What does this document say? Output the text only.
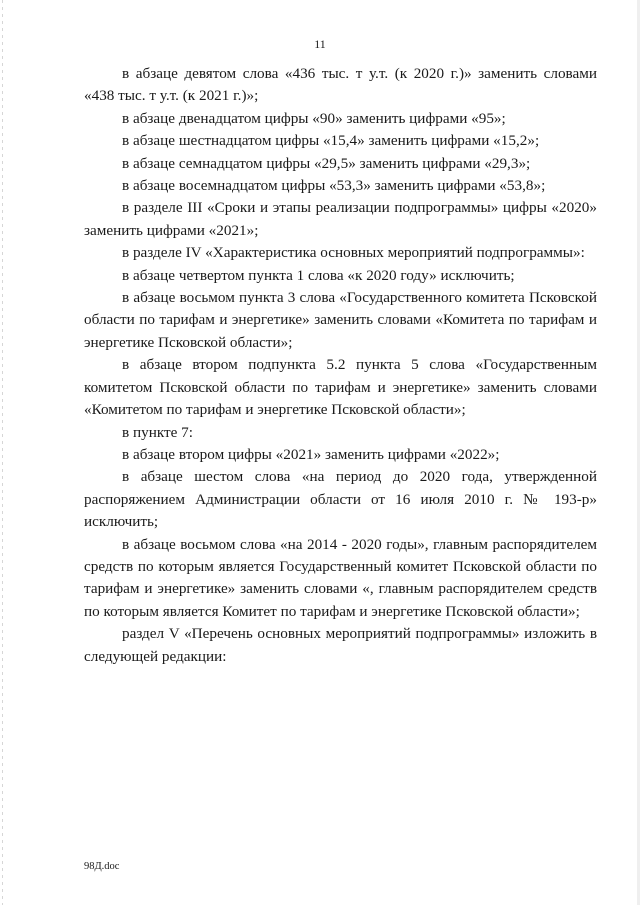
11

в абзаце девятом слова «436 тыс. т у.т. (к 2020 г.)» заменить словами «438 тыс. т у.т. (к 2021 г.)»;

в абзаце двенадцатом цифры «90» заменить цифрами «95»;

в абзаце шестнадцатом цифры «15,4» заменить цифрами «15,2»;

в абзаце семнадцатом цифры «29,5» заменить цифрами «29,3»;

в абзаце восемнадцатом цифры «53,3» заменить цифрами «53,8»;

в разделе III «Сроки и этапы реализации подпрограммы» цифры «2020» заменить цифрами «2021»;

в разделе IV «Характеристика основных мероприятий подпрограммы»:

в абзаце четвертом пункта 1 слова «к 2020 году» исключить;

в абзаце восьмом пункта 3 слова «Государственного комитета Псковской области по тарифам и энергетике» заменить словами «Комитета по тарифам и энергетике Псковской области»;

в абзаце втором подпункта 5.2 пункта 5 слова «Государственным комитетом Псковской области по тарифам и энергетике» заменить словами «Комитетом по тарифам и энергетике Псковской области»;

в пункте 7:

в абзаце втором цифры «2021» заменить цифрами «2022»;

в абзаце шестом слова «на период до 2020 года, утвержденной распоряжением Администрации области от 16 июля 2010 г. № 193-р» исключить;

в абзаце восьмом слова «на 2014 - 2020 годы», главным распорядителем средств по которым является Государственный комитет Псковской области по тарифам и энергетике» заменить словами «, главным распорядителем средств по которым является Комитет по тарифам и энергетике Псковской области»;

раздел V «Перечень основных мероприятий подпрограммы» изложить в следующей редакции:

98Д.doc
